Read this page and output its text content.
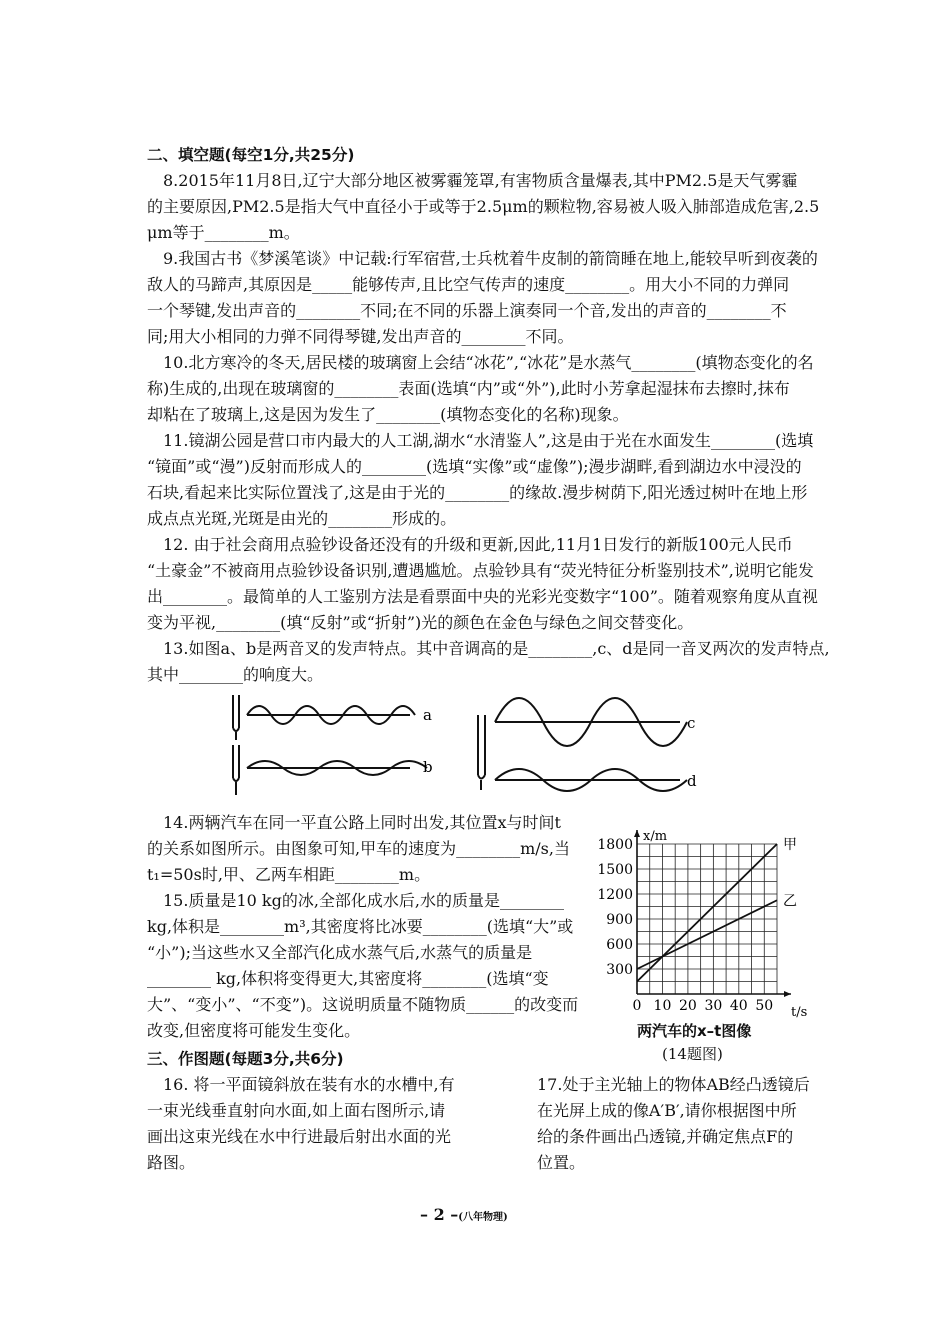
二、填空题(每空1分,共25分)
8.2015年11月8日,辽宁大部分地区被雾霾笼罩,有害物质含量爆表,其中PM2.5是天气雾霾
的主要原因,PM2.5是指大气中直径小于或等于2.5μm的颗粒物,容易被人吸入肺部造成危害,2.5
μm等于________m。
9.我国古书《梦溪笔谈》中记载:行军宿营,士兵枕着牛皮制的箭筒睡在地上,能较早听到夜袭的
敌人的马蹄声,其原因是_____能够传声,且比空气传声的速度________。用大小不同的力弹同
一个琴键,发出声音的________不同;在不同的乐器上演奏同一个音,发出的声音的________不
同;用大小相同的力弹不同得琴键,发出声音的________不同。
10.北方寒冷的冬天,居民楼的玻璃窗上会结“冰花”,“冰花”是水蒸气________(填物态变化的名
称)生成的,出现在玻璃窗的________表面(选填“内”或“外”),此时小芳拿起湿抹布去擦时,抹布
却粘在了玻璃上,这是因为发生了________(填物态变化的名称)现象。
11.镜湖公园是营口市内最大的人工湖,湖水“水清鉴人”,这是由于光在水面发生________(选填
“镜面”或“漫”)反射而形成人的________(选填“实像”或“虚像”);漫步湖畔,看到湖边水中浸没的
石块,看起来比实际位置浅了,这是由于光的________的缘故.漫步树荫下,阳光透过树叶在地上形
成点点光斑,光斑是由光的________形成的。
12. 由于社会商用点验钞设备还没有的升级和更新,因此,11月1日发行的新版100元人民币
“土豪金”不被商用点验钞设备识别,遭遇尴尬。点验钞具有“荧光特征分析鉴别技术”,说明它能发
出________。最简单的人工鉴别方法是看票面中央的光彩光变数字“100”。随着观察角度从直视
变为平视,________(填“反射”或“折射”)光的颜色在金色与绿色之间交替变化。
13.如图a、b是两音叉的发声特点。其中音调高的是________,c、d是同一音叉两次的发声特点,
其中________的响度大。
a
b
c
d
14.两辆汽车在同一平直公路上同时出发,其位置x与时间t
的关系如图所示。由图象可知,甲车的速度为________m/s,当
t₁=50s时,甲、乙两车相距________m。
15.质量是10 kg的冰,全部化成水后,水的质量是________
kg,体积是________m³,其密度将比冰要________(选填“大”或
“小”);当这些水又全部汽化成水蒸气后,水蒸气的质量是
________ kg,体积将变得更大,其密度将________(选填“变
大”、“变小”、“不变”)。这说明质量不随物质______的改变而
改变,但密度将可能发生变化。
x/m
t/s
0 10 20 30 40 50
300
600
900
1200
1500
1800	甲
乙
两汽车的x–t图像
(14题图)
三、作图题(每题3分,共6分)
16. 将一平面镜斜放在装有水的水槽中,有
一束光线垂直射向水面,如上面右图所示,请
画出这束光线在水中行进最后射出水面的光
路图。
17.处于主光轴上的物体AB经凸透镜后
在光屏上成的像A′B′,请你根据图中所
给的条件画出凸透镜,并确定焦点F的
位置。
– 2 –(八年物理)
